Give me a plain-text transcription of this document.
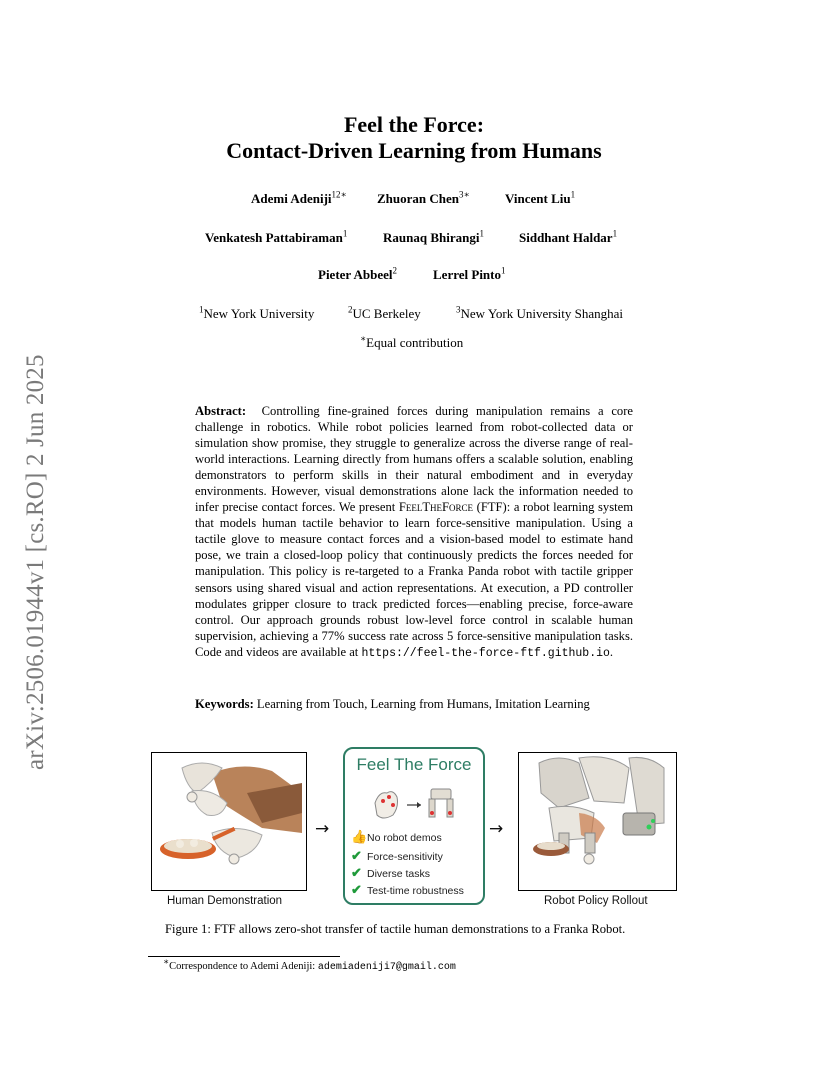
arXiv:2506.01944v1 [cs.RO] 2 Jun 2025
Feel the Force:
Contact-Driven Learning from Humans
Ademi Adeniji$^{12∗}$ Zhuoran Chen$^{3∗}$	Vincent Liu$^1$
Venkatesh Pattabiraman$^1$	Raunaq Bhirangi$^1$	Siddhant Haldar$^1$
Pieter Abbeel$^2$	Lerrel Pinto$^1$
$^1$New York University	$^2$UC Berkeley	$^3$New York University Shanghai
∗Equal contribution
Abstract: Controlling fine-grained forces during manipulation remains a core challenge in robotics. While robot policies learned from robot-collected data or simulation show promise, they struggle to generalize across the diverse range of real-world interactions. Learning directly from humans offers a scalable solution, enabling demonstrators to perform skills in their natural embodiment and in everyday environments. However, visual demonstrations alone lack the information needed to infer precise contact forces. We present FeelTheForce (FTF): a robot learning system that models human tactile behavior to learn force-sensitive manipulation. Using a tactile glove to measure contact forces and a vision-based model to estimate hand pose, we train a closed-loop policy that continuously predicts the forces needed for manipulation. This policy is re-targeted to a Franka Panda robot with tactile gripper sensors using shared visual and action representations. At execution, a PD controller modulates gripper closure to track predicted forces—enabling precise, force-aware control. Our approach grounds robust low-level force control in scalable human supervision, achieving a 77% success rate across 5 force-sensitive manipulation tasks. Code and videos are available at https://feel-the-force-ftf.github.io.
Keywords: Learning from Touch, Learning from Humans, Imitation Learning
Human Demonstration
→	→
Feel The Force
👍No robot demos
✔ Force-sensitivity
✔ Diverse tasks
✔ Test-time robustness
Robot Policy Rollout
Figure 1: FTF allows zero-shot transfer of tactile human demonstrations to a Franka Robot.
∗Correspondence to Ademi Adeniji: ademiadeniji7@gmail.com
